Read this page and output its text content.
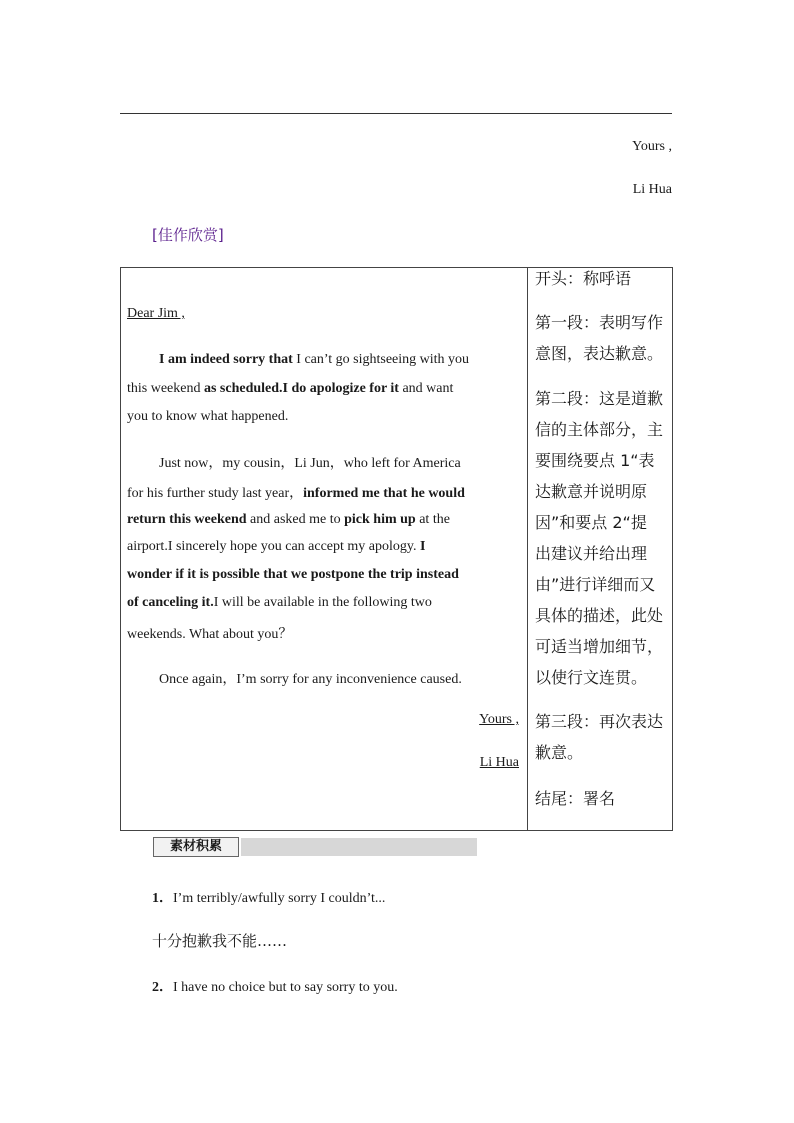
Yours ,
Li Hua
[佳作欣赏]
Dear Jim ,
I am indeed sorry that I can’t go sightseeing with you
this weekend as scheduled.I do apologize for it and want
you to know what happened.
Just now，my cousin，Li Jun，who left for America
for his further study last year，informed me that he would
return this weekend and asked me to pick him up at the
airport.I sincerely hope you can accept my apology. I
wonder if it is possible that we postpone the trip instead
of canceling it.I will be available in the following two
weekends. What about you？
Once again，I’m sorry for any inconvenience caused.
Yours ,
Li Hua
开头：称呼语
第一段：表明写作
意图，表达歉意。
第二段：这是道歉
信的主体部分，主
要围绕要点 1“表
达歉意并说明原
因”和要点 2“提
出建议并给出理
由”进行详细而又
具体的描述，此处
可适当增加细节，
以使行文连贯。
第三段：再次表达
歉意。
结尾：署名
素材积累
1．I’m terribly/awfully sorry I couldn’t...
十分抱歉我不能……
2．I have no choice but to say sorry to you.
